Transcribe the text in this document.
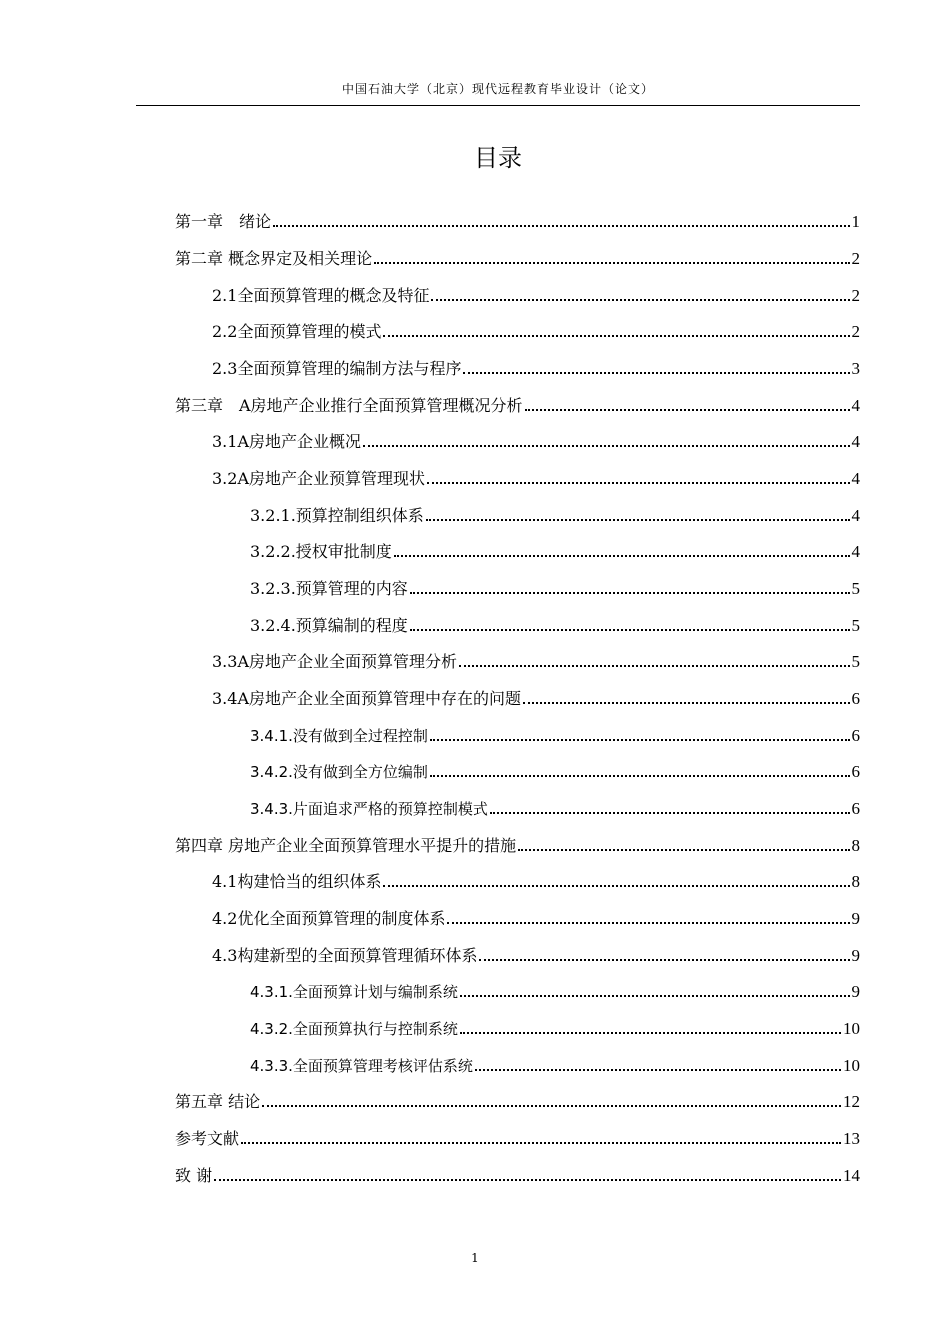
中国石油大学（北京）现代远程教育毕业设计（论文）
目录
第一章　绪论	1
第二章 概念界定及相关理论	2
2.1全面预算管理的概念及特征	2
2.2全面预算管理的模式	2
2.3全面预算管理的编制方法与程序	3
第三章　A房地产企业推行全面预算管理概况分析	4
3.1A房地产企业概况	4
3.2A房地产企业预算管理现状	4
3.2.1.预算控制组织体系	4
3.2.2.授权审批制度	4
3.2.3.预算管理的内容	5
3.2.4.预算编制的程度	5
3.3A房地产企业全面预算管理分析	5
3.4A房地产企业全面预算管理中存在的问题	6
3.4.1.没有做到全过程控制	6
3.4.2.没有做到全方位编制	6
3.4.3.片面追求严格的预算控制模式	6
第四章 房地产企业全面预算管理水平提升的措施	8
4.1构建恰当的组织体系	8
4.2优化全面预算管理的制度体系	9
4.3构建新型的全面预算管理循环体系	9
4.3.1.全面预算计划与编制系统	9
4.3.2.全面预算执行与控制系统	10
4.3.3.全面预算管理考核评估系统	10
第五章 结论	12
参考文献	13
致 谢	14
1
